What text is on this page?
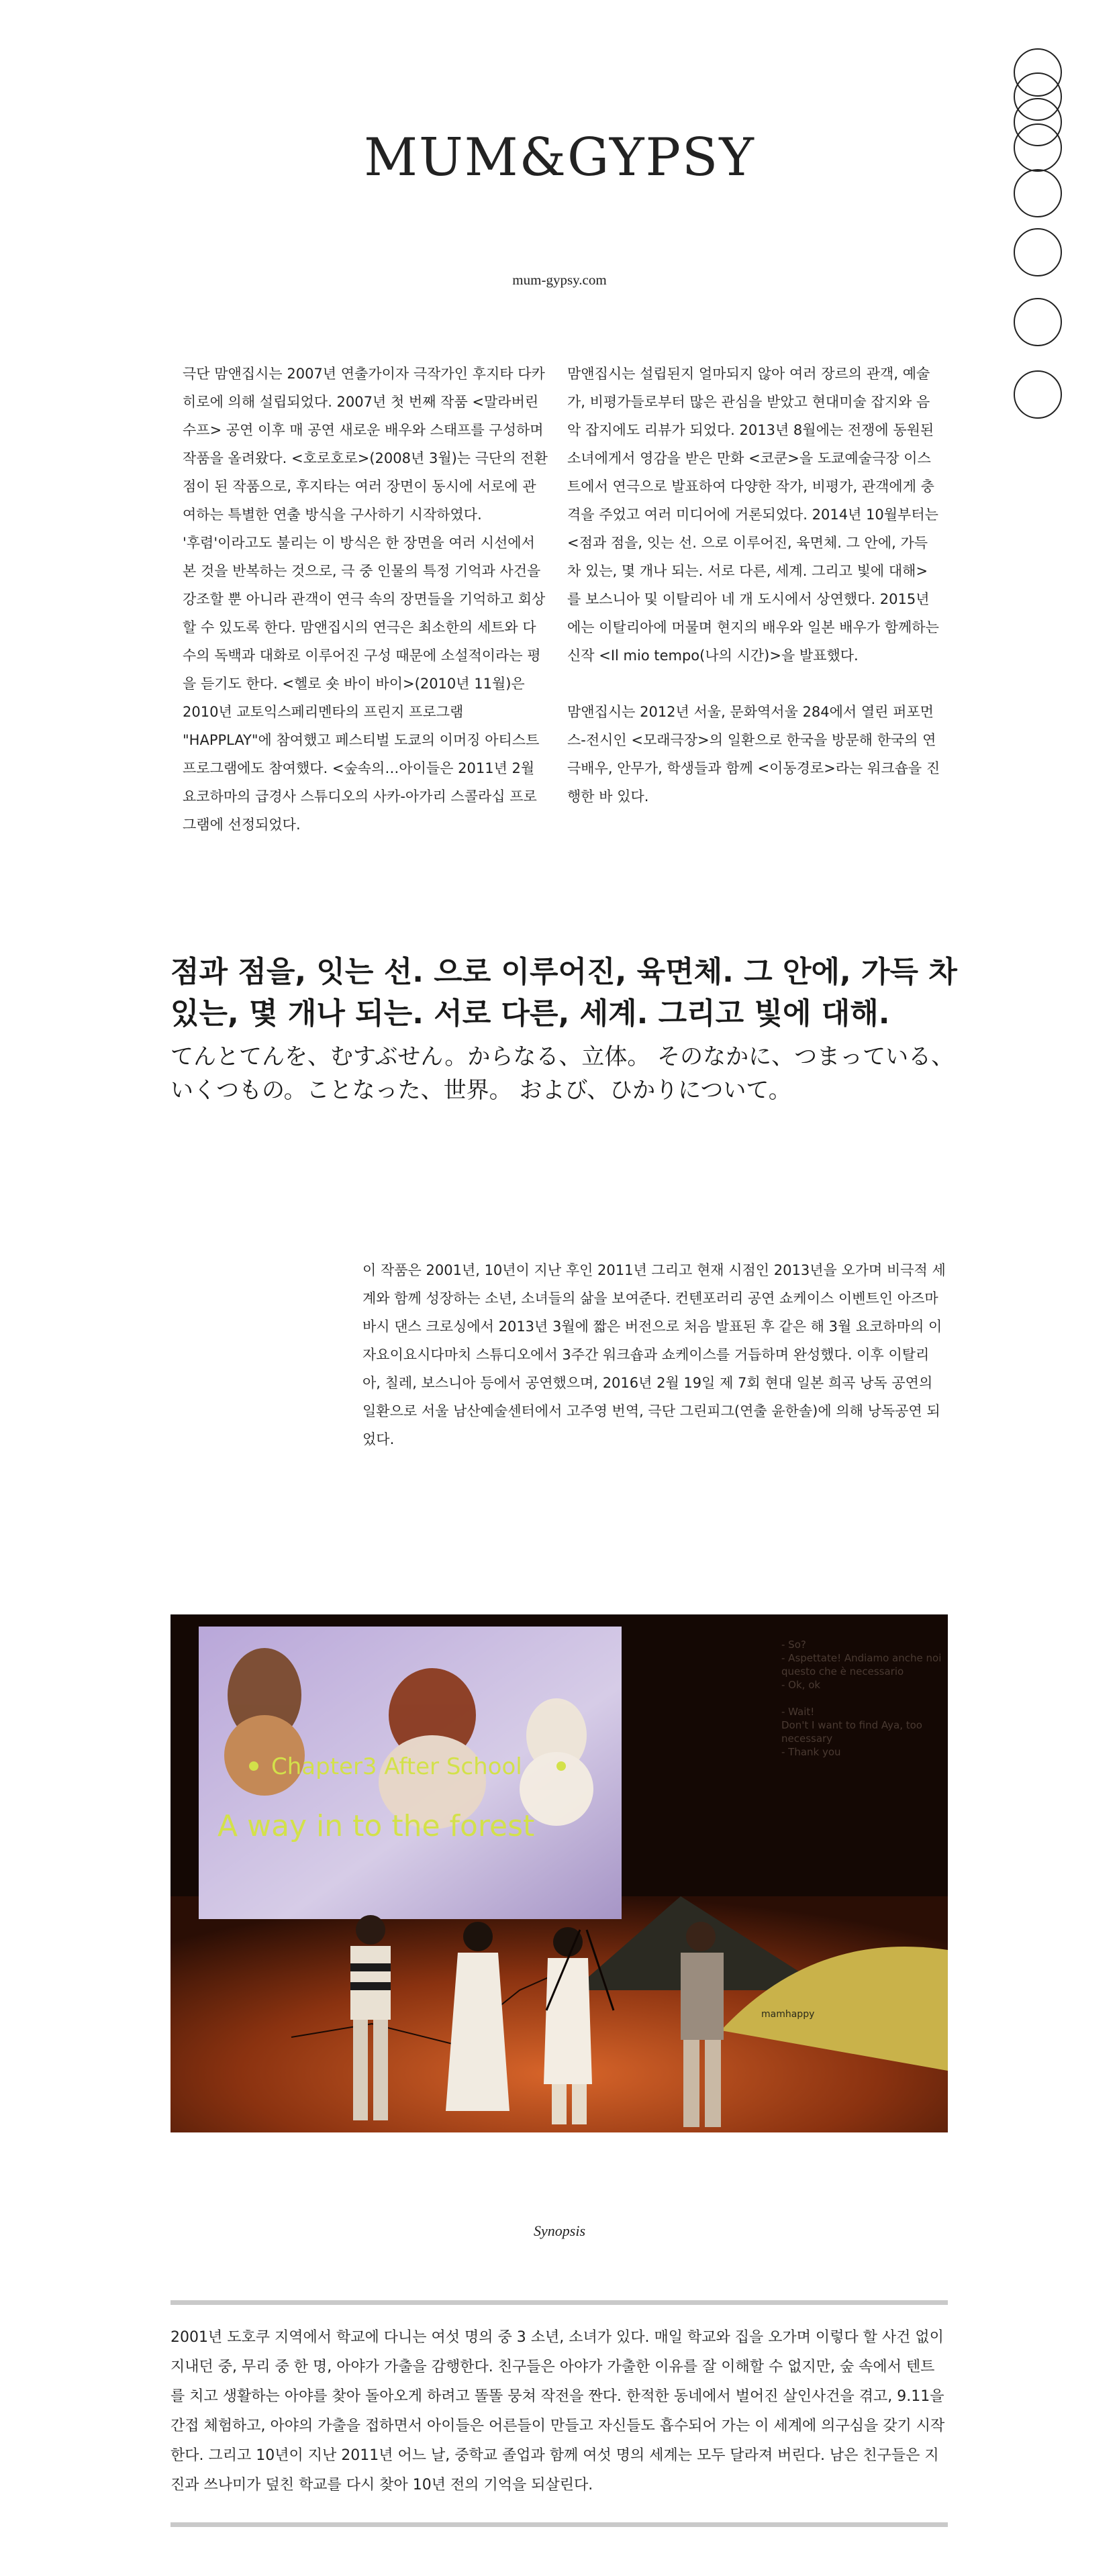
MUM&GYPSY
mum-gypsy.com

극단 맘앤집시는 2007년 연출가이자 극작가인 후지타 다카히로에 의해 설립되었다. 2007년 첫 번째 작품 <말라버린 수프> 공연 이후 매 공연 새로운 배우와 스태프를 구성하며 작품을 올려왔다. <호로호로>(2008년 3월)는 극단의 전환점이 된 작품으로, 후지타는 여러 장면이 동시에 서로에 관여하는 특별한 연출 방식을 구사하기 시작하였다.

'후렴'이라고도 불리는 이 방식은 한 장면을 여러 시선에서 본 것을 반복하는 것으로, 극 중 인물의 특정 기억과 사건을 강조할 뿐 아니라 관객이 연극 속의 장면들을 기억하고 회상할 수 있도록 한다. 맘앤집시의 연극은 최소한의 세트와 다수의 독백과 대화로 이루어진 구성 때문에 소설적이라는 평을 듣기도 한다. <헬로 숏 바이 바이>(2010년 11월)은 2010년 교토익스페리멘타의 프린지 프로그램 "HAPPLAY"에 참여했고 페스티벌 도쿄의 이머징 아티스트 프로그램에도 참여했다. <숲속의…아이들은 2011년 2월 요코하마의 급경사 스튜디오의 사카-아가리 스콜라십 프로그램에 선정되었다.

맘앤집시는 설립된지 얼마되지 않아 여러 장르의 관객, 예술가, 비평가들로부터 많은 관심을 받았고 현대미술 잡지와 음악 잡지에도 리뷰가 되었다. 2013년 8월에는 전쟁에 동원된 소녀에게서 영감을 받은 만화 <코쿤>을 도쿄예술극장 이스트에서 연극으로 발표하여 다양한 작가, 비평가, 관객에게 충격을 주었고 여러 미디어에 거론되었다. 2014년 10월부터는 <점과 점을, 잇는 선. 으로 이루어진, 육면체. 그 안에, 가득 차 있는, 몇 개나 되는. 서로 다른, 세계. 그리고 빛에 대해>를 보스니아 및 이탈리아 네 개 도시에서 상연했다. 2015년에는 이탈리아에 머물며 현지의 배우와 일본 배우가 함께하는 신작 <Il mio tempo(나의 시간)>을 발표했다.

맘앤집시는 2012년 서울, 문화역서울 284에서 열린 퍼포먼스-전시인 <모래극장>의 일환으로 한국을 방문해 한국의 연극배우, 안무가, 학생들과 함께 <이동경로>라는 워크숍을 진행한 바 있다.

점과 점을, 잇는 선. 으로 이루어진, 육면체. 그 안에, 가득 차 있는, 몇 개나 되는. 서로 다른, 세계. 그리고 빛에 대해.
てんとてんを、むすぶせん。からなる、立体。 そのなかに、つまっている、いくつもの。ことなった、世界。 および、ひかりについて。
이 작품은 2001년, 10년이 지난 후인 2011년 그리고 현재 시점인 2013년을 오가며 비극적 세계와 함께 성장하는 소년, 소녀들의 삶을 보여준다. 컨텐포러리 공연 쇼케이스 이벤트인 아즈마바시 댄스 크로싱에서 2013년 3월에 짧은 버전으로 처음 발표된 후 같은 해 3월 요코하마의 이자요이요시다마치 스튜디오에서 3주간 워크숍과 쇼케이스를 거듭하며 완성했다. 이후 이탈리아, 칠레, 보스니아 등에서 공연했으며, 2016년 2월 19일 제 7회 현대 일본 희곡 낭독 공연의 일환으로 서울 남산예술센터에서 고주영 번역, 극단 그린피그(연출 윤한솔)에 의해 낭독공연 되었다.
Chapter3 After School
A way in to the forest
- So?
- Aspettate! Andiamo anche noi
questo che è necessario
- Ok, ok
- Wait!
Don't I want to find Aya, too
necessary
- Thank you
mamhappy
Synopsis
2001년 도호쿠 지역에서 학교에 다니는 여섯 명의 중 3 소년, 소녀가 있다. 매일 학교와 집을 오가며 이렇다 할 사건 없이 지내던 중, 무리 중 한 명, 아야가 가출을 감행한다. 친구들은 아야가 가출한 이유를 잘 이해할 수 없지만, 숲 속에서 텐트를 치고 생활하는 아야를 찾아 돌아오게 하려고 똘똘 뭉쳐 작전을 짠다. 한적한 동네에서 벌어진 살인사건을 겪고, 9.11을 간접 체험하고, 아야의 가출을 접하면서 아이들은 어른들이 만들고 자신들도 흡수되어 가는 이 세계에 의구심을 갖기 시작한다. 그리고 10년이 지난 2011년 어느 날, 중학교 졸업과 함께 여섯 명의 세계는 모두 달라져 버린다. 남은 친구들은 지진과 쓰나미가 덮친 학교를 다시 찾아 10년 전의 기억을 되살린다.
